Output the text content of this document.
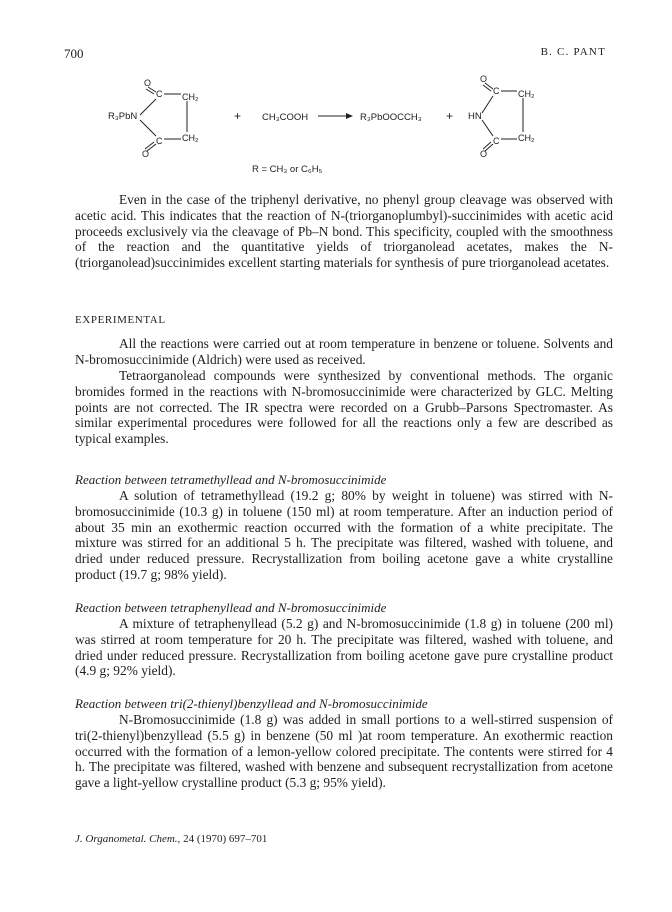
700	B. C. PANT
R₃PbN
O
C CH₂
C CH₂
O
+ CH₃COOH	R₃PbOOCCH₃ + HN
O
C CH₂
C CH₂
O
R = CH₃ or C₆H₅

Even in the case of the triphenyl derivative, no phenyl group cleavage was observed with acetic acid. This indicates that the reaction of N-(triorganoplumbyl)-succinimides with acetic acid proceeds exclusively via the cleavage of Pb–N bond. This specificity, coupled with the smoothness of the reaction and the quantitative yields of triorganolead acetates, makes the N-(triorganolead)succinimides excellent starting materials for synthesis of pure triorganolead acetates.

EXPERIMENTAL

All the reactions were carried out at room temperature in benzene or toluene. Solvents and N-bromosuccinimide (Aldrich) were used as received.

Tetraorganolead compounds were synthesized by conventional methods. The organic bromides formed in the reactions with N-bromosuccinimide were characterized by GLC. Melting points are not corrected. The IR spectra were recorded on a Grubb–Parsons Spectromaster. As similar experimental procedures were followed for all the reactions only a few are described as typical examples.

Reaction between tetramethyllead and N-bromosuccinimide

A solution of tetramethyllead (19.2 g; 80% by weight in toluene) was stirred with N-bromosuccinimide (10.3 g) in toluene (150 ml) at room temperature. After an induction period of about 35 min an exothermic reaction occurred with the formation of a white precipitate. The mixture was stirred for an additional 5 h. The precipitate was filtered, washed with toluene, and dried under reduced pressure. Recrystallization from boiling acetone gave a white crystalline product (19.7 g; 98% yield).

Reaction between tetraphenyllead and N-bromosuccinimide

A mixture of tetraphenyllead (5.2 g) and N-bromosuccinimide (1.8 g) in toluene (200 ml) was stirred at room temperature for 20 h. The precipitate was filtered, washed with toluene, and dried under reduced pressure. Recrystallization from boiling acetone gave pure crystalline product (4.9 g; 92% yield).

Reaction between tri(2-thienyl)benzyllead and N-bromosuccinimide

N-Bromosuccinimide (1.8 g) was added in small portions to a well-stirred suspension of tri(2-thienyl)benzyllead (5.5 g) in benzene (50 ml )at room temperature. An exothermic reaction occurred with the formation of a lemon-yellow colored precipitate. The contents were stirred for 4 h. The precipitate was filtered, washed with benzene and subsequent recrystallization from acetone gave a light-yellow crystalline product (5.3 g; 95% yield).

J. Organometal. Chem., 24 (1970) 697–701
